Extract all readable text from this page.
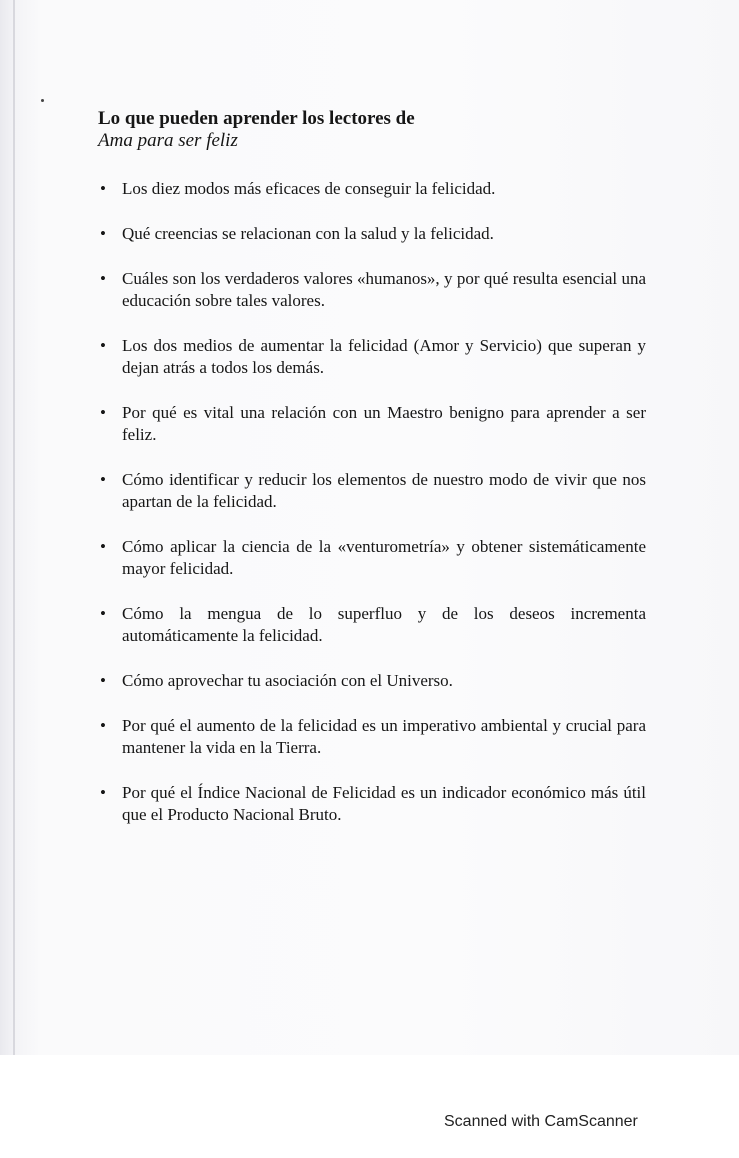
Lo que pueden aprender los lectores de

Ama para ser feliz

• Los diez modos más eficaces de conseguir la felicidad.
• Qué creencias se relacionan con la salud y la felicidad.
• Cuáles son los verdaderos valores «humanos», y por qué resulta esencial una educación sobre tales valores.
• Los dos medios de aumentar la felicidad (Amor y Servicio) que superan y dejan atrás a todos los demás.
• Por qué es vital una relación con un Maestro benigno para aprender a ser feliz.
• Cómo identificar y reducir los elementos de nuestro modo de vivir que nos apartan de la felicidad.
• Cómo aplicar la ciencia de la «venturometría» y obtener sistemáticamente mayor felicidad.
• Cómo la mengua de lo superfluo y de los deseos incrementa automáticamente la felicidad.
• Cómo aprovechar tu asociación con el Universo.
• Por qué el aumento de la felicidad es un imperativo ambiental y crucial para mantener la vida en la Tierra.
• Por qué el Índice Nacional de Felicidad es un indicador económico más útil que el Producto Nacional Bruto.
Scanned with CamScanner
